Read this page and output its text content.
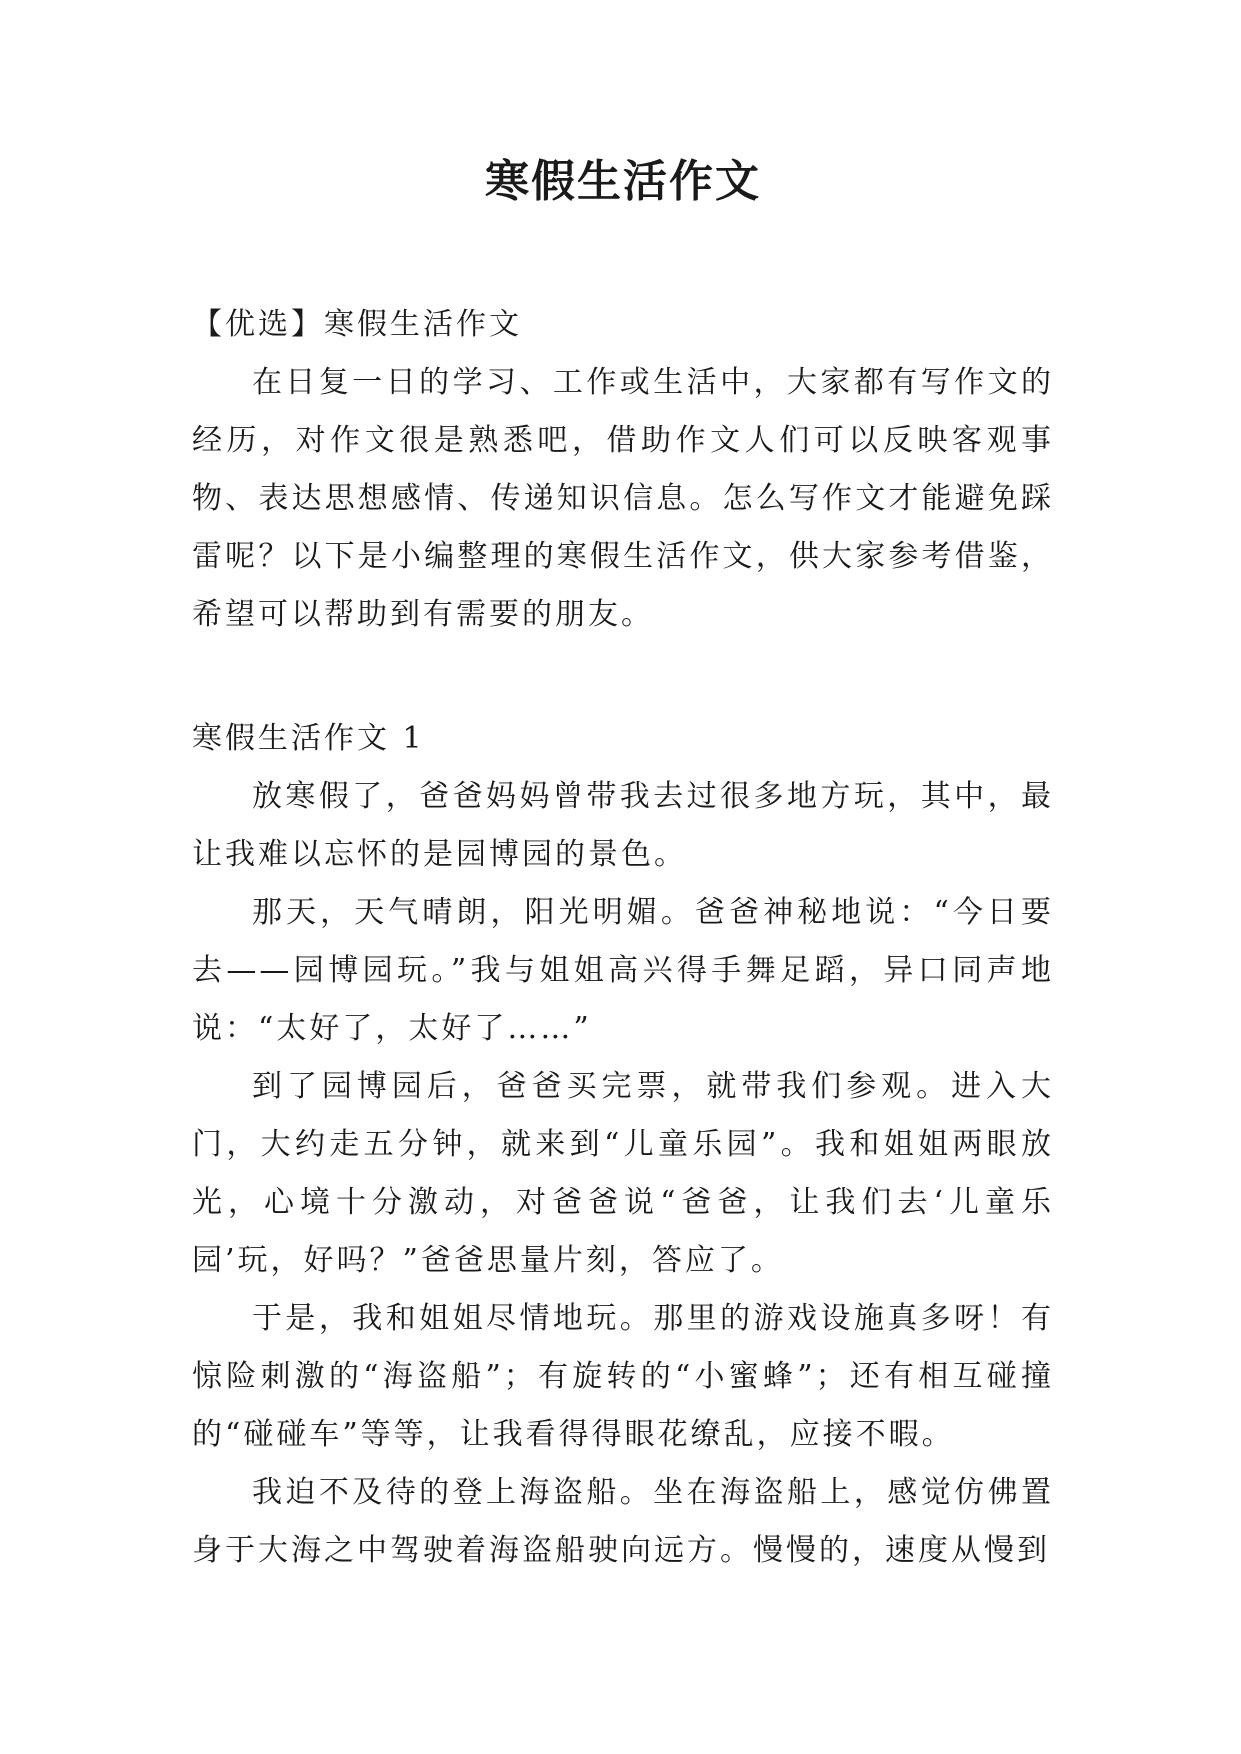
寒假生活作文
【优选】寒假生活作文

在日复一日的学习、工作或生活中，大家都有写作文的经历，对作文很是熟悉吧，借助作文人们可以反映客观事物、表达思想感情、传递知识信息。怎么写作文才能避免踩雷呢？以下是小编整理的寒假生活作文，供大家参考借鉴，希望可以帮助到有需要的朋友。

寒假生活作文 1

放寒假了，爸爸妈妈曾带我去过很多地方玩，其中，最让我难以忘怀的是园博园的景色。

那天，天气晴朗，阳光明媚。爸爸神秘地说：“今日要去——园博园玩。”我与姐姐高兴得手舞足蹈，异口同声地说：“太好了，太好了……”

到了园博园后，爸爸买完票，就带我们参观。进入大门，大约走五分钟，就来到“儿童乐园”。我和姐姐两眼放光，心境十分激动，对爸爸说“爸爸，让我们去‘儿童乐园’玩，好吗？”爸爸思量片刻，答应了。

于是，我和姐姐尽情地玩。那里的游戏设施真多呀！有惊险刺激的“海盗船”；有旋转的“小蜜蜂”；还有相互碰撞的“碰碰车”等等，让我看得得眼花缭乱，应接不暇。

我迫不及待的登上海盗船。坐在海盗船上，感觉仿佛置身于大海之中驾驶着海盗船驶向远方。慢慢的，速度从慢到
